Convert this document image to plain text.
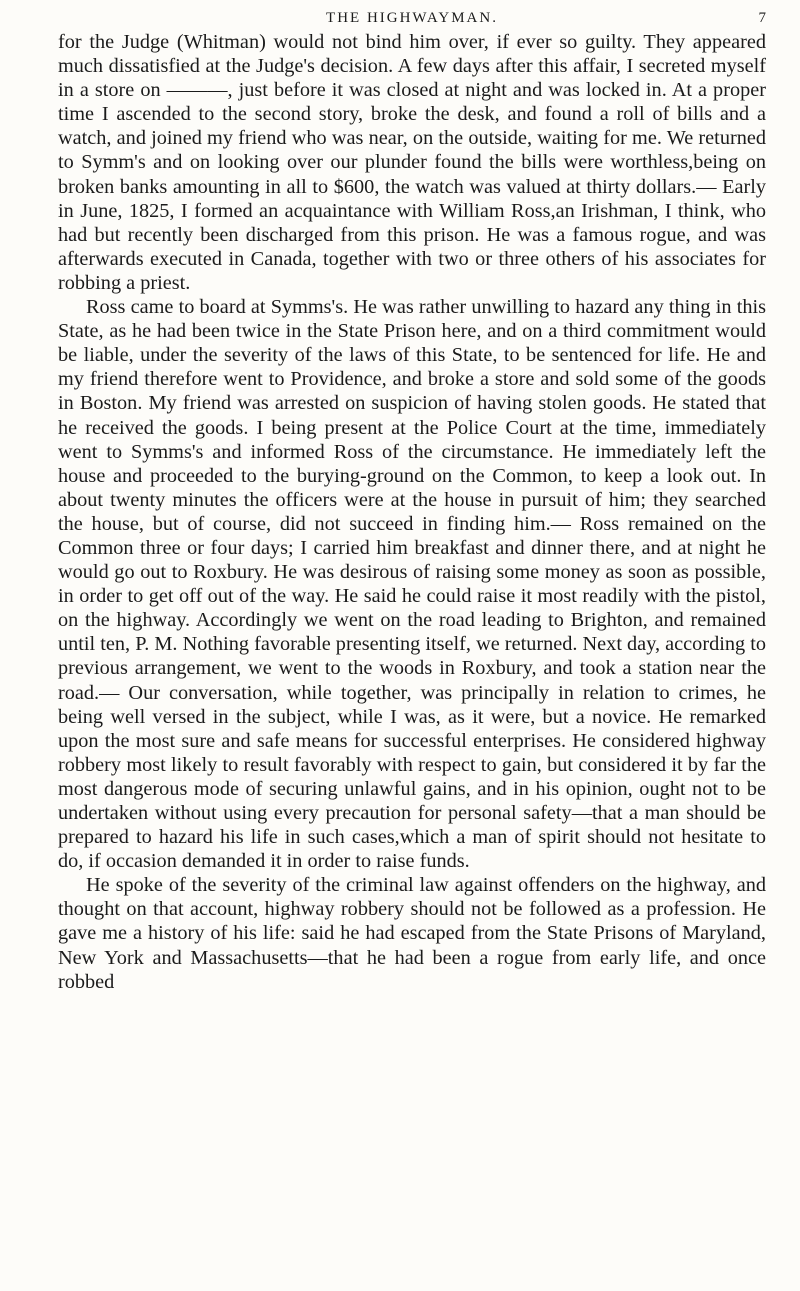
THE HIGHWAYMAN.	7

for the Judge (Whitman) would not bind him over, if ever so guilty. They appeared much dissatisfied at the Judge's decision. A few days after this affair, I secreted myself in a store on ———, just before it was closed at night and was locked in. At a proper time I ascended to the second story, broke the desk, and found a roll of bills and a watch, and joined my friend who was near, on the outside, waiting for me. We returned to Symm's and on looking over our plunder found the bills were worthless,being on broken banks amounting in all to $600, the watch was valued at thirty dollars.— Early in June, 1825, I formed an acquaintance with William Ross,an Irishman, I think, who had but recently been discharged from this prison. He was a famous rogue, and was afterwards executed in Canada, together with two or three others of his associates for robbing a priest.

Ross came to board at Symms's. He was rather unwilling to hazard any thing in this State, as he had been twice in the State Prison here, and on a third commitment would be liable, under the severity of the laws of this State, to be sentenced for life. He and my friend therefore went to Providence, and broke a store and sold some of the goods in Boston. My friend was arrested on suspicion of having stolen goods. He stated that he received the goods. I being present at the Police Court at the time, immediately went to Symms's and informed Ross of the circumstance. He immediately left the house and proceeded to the burying-ground on the Common, to keep a look out. In about twenty minutes the officers were at the house in pursuit of him; they searched the house, but of course, did not succeed in finding him.— Ross remained on the Common three or four days; I carried him breakfast and dinner there, and at night he would go out to Roxbury. He was desirous of raising some money as soon as possible, in order to get off out of the way. He said he could raise it most readily with the pistol, on the highway. Accordingly we went on the road leading to Brighton, and remained until ten, P. M. Nothing favorable presenting itself, we returned. Next day, according to previous arrangement, we went to the woods in Roxbury, and took a station near the road.— Our conversation, while together, was principally in relation to crimes, he being well versed in the subject, while I was, as it were, but a novice. He remarked upon the most sure and safe means for successful enterprises. He considered highway robbery most likely to result favorably with respect to gain, but considered it by far the most dangerous mode of securing unlawful gains, and in his opinion, ought not to be undertaken without using every precaution for personal safety—that a man should be prepared to hazard his life in such cases,which a man of spirit should not hesitate to do, if occasion demanded it in order to raise funds.

He spoke of the severity of the criminal law against offenders on the highway, and thought on that account, highway robbery should not be followed as a profession. He gave me a history of his life: said he had escaped from the State Prisons of Maryland, New York and Massachusetts—that he had been a rogue from early life, and once robbed
